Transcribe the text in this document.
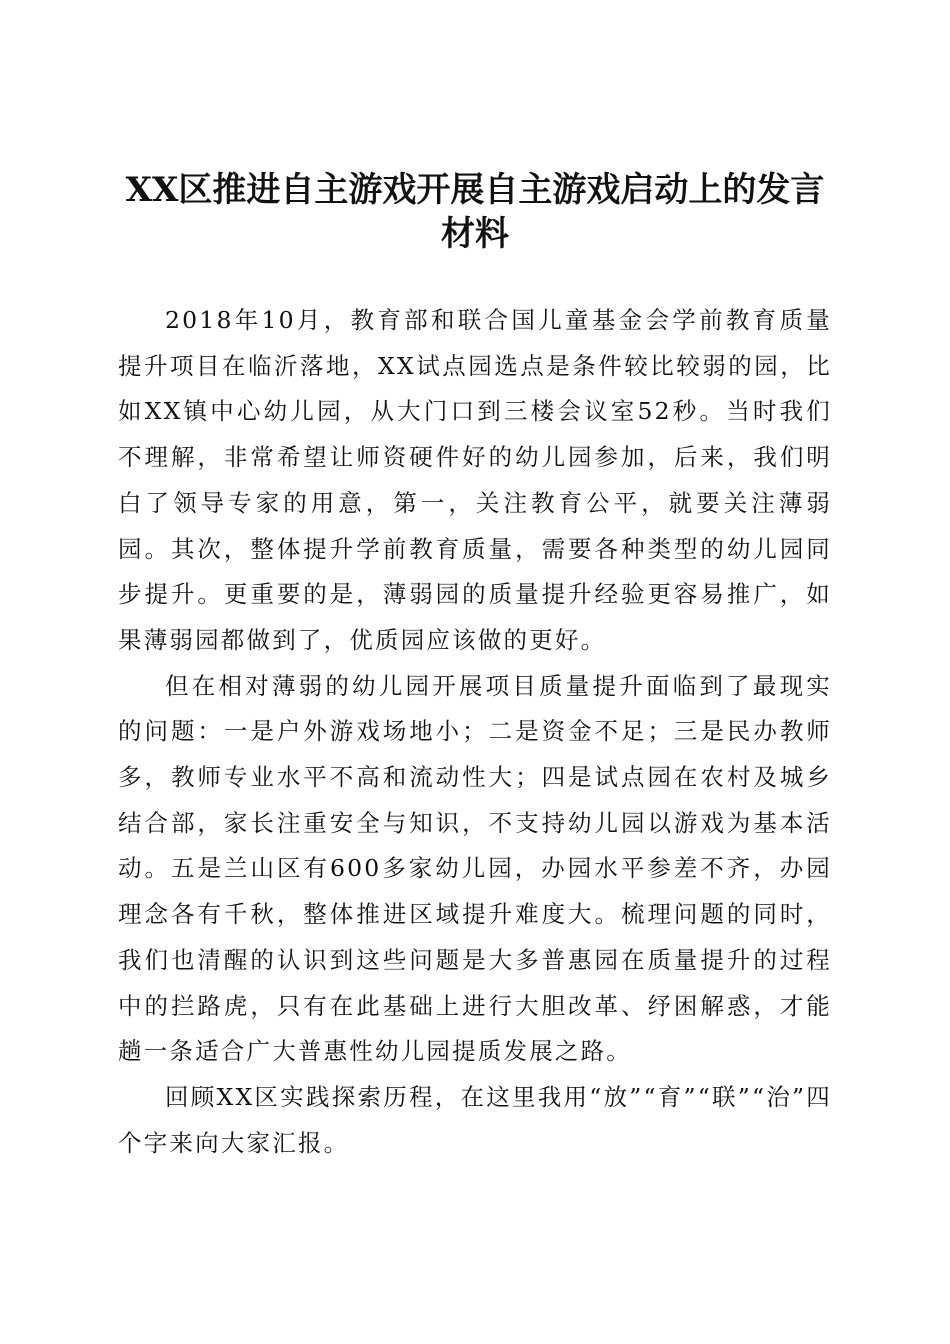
XX区推进自主游戏开展自主游戏启动上的发言材料

2018年10月，教育部和联合国儿童基金会学前教育质量提升项目在临沂落地，XX试点园选点是条件较比较弱的园，比如XX镇中心幼儿园，从大门口到三楼会议室52秒。当时我们不理解，非常希望让师资硬件好的幼儿园参加，后来，我们明白了领导专家的用意，第一，关注教育公平，就要关注薄弱园。其次，整体提升学前教育质量，需要各种类型的幼儿园同步提升。更重要的是，薄弱园的质量提升经验更容易推广，如果薄弱园都做到了，优质园应该做的更好。

但在相对薄弱的幼儿园开展项目质量提升面临到了最现实的问题：一是户外游戏场地小；二是资金不足；三是民办教师多，教师专业水平不高和流动性大；四是试点园在农村及城乡结合部，家长注重安全与知识，不支持幼儿园以游戏为基本活动。五是兰山区有600多家幼儿园，办园水平参差不齐，办园理念各有千秋，整体推进区域提升难度大。梳理问题的同时，我们也清醒的认识到这些问题是大多普惠园在质量提升的过程中的拦路虎，只有在此基础上进行大胆改革、纾困解惑，才能趟一条适合广大普惠性幼儿园提质发展之路。

回顾XX区实践探索历程，在这里我用“放”“育”“联”“治”四个字来向大家汇报。
